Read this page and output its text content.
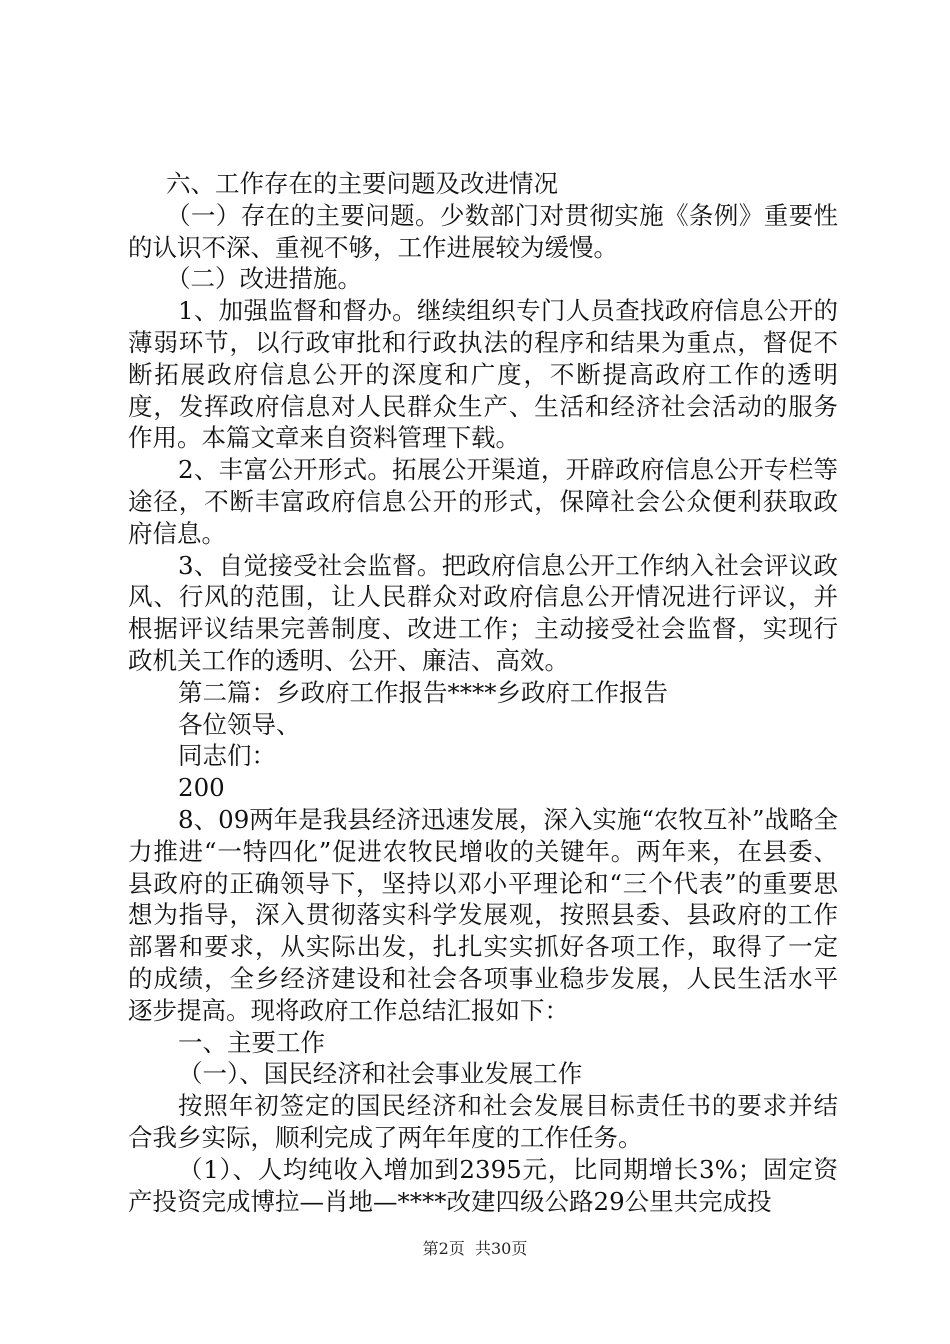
六、工作存在的主要问题及改进情况

（一）存在的主要问题。少数部门对贯彻实施《条例》重要性的认识不深、重视不够，工作进展较为缓慢。

（二）改进措施。

1、加强监督和督办。继续组织专门人员查找政府信息公开的薄弱环节，以行政审批和行政执法的程序和结果为重点，督促不断拓展政府信息公开的深度和广度，不断提高政府工作的透明度，发挥政府信息对人民群众生产、生活和经济社会活动的服务作用。本篇文章来自资料管理下载。

2、丰富公开形式。拓展公开渠道，开辟政府信息公开专栏等途径，不断丰富政府信息公开的形式，保障社会公众便利获取政府信息。

3、自觉接受社会监督。把政府信息公开工作纳入社会评议政风、行风的范围，让人民群众对政府信息公开情况进行评议，并根据评议结果完善制度、改进工作；主动接受社会监督，实现行政机关工作的透明、公开、廉洁、高效。

第二篇：乡政府工作报告****乡政府工作报告

各位领导、

同志们：

200

8、09两年是我县经济迅速发展，深入实施“农牧互补”战略全力推进“一特四化”促进农牧民增收的关键年。两年来，在县委、县政府的正确领导下，坚持以邓小平理论和“三个代表”的重要思想为指导，深入贯彻落实科学发展观，按照县委、县政府的工作部署和要求，从实际出发，扎扎实实抓好各项工作，取得了一定的成绩，全乡经济建设和社会各项事业稳步发展，人民生活水平逐步提高。现将政府工作总结汇报如下：

一、主要工作

（一）、国民经济和社会事业发展工作

按照年初签定的国民经济和社会发展目标责任书的要求并结合我乡实际，顺利完成了两年年度的工作任务。

（1）、人均纯收入增加到2395元，比同期增长3%；固定资产投资完成博拉—肖地—****改建四级公路29公里共完成投

第2页  共30页
